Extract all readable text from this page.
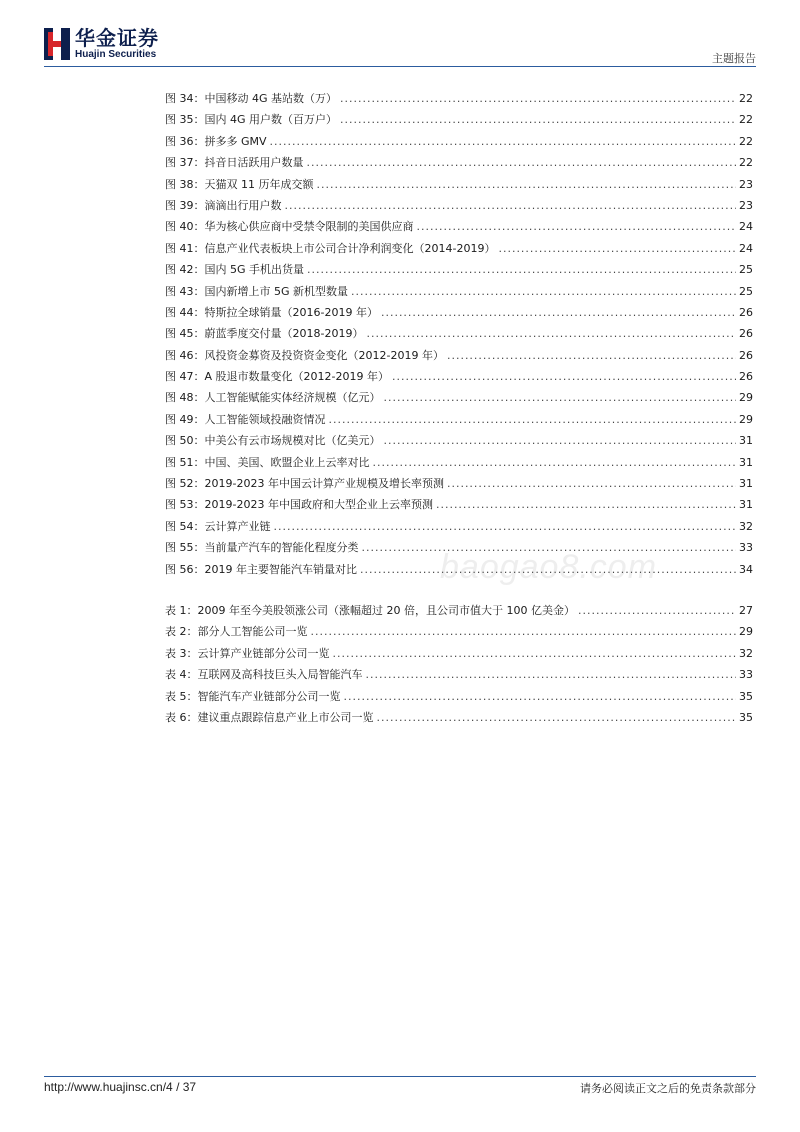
华金证券
Huajin Securities	主题报告
图 34：中国移动 4G 基站数（万） .....	22
图 35：国内 4G 用户数（百万户） .....	22
图 36：拼多多 GMV .....	22
图 37：抖音日活跃用户数量 .....	22
图 38：天猫双 11 历年成交额 .....	23
图 39：滴滴出行用户数 .....	23
图 40：华为核心供应商中受禁令限制的美国供应商 .....	24
图 41：信息产业代表板块上市公司合计净利润变化（2014-2019） .....	24
图 42：国内 5G 手机出货量 .....	25
图 43：国内新增上市 5G 新机型数量 .....	25
图 44：特斯拉全球销量（2016-2019 年） .....	26
图 45：蔚蓝季度交付量（2018-2019） .....	26
图 46：风投资金募资及投资资金变化（2012-2019 年） .....	26
图 47：A 股退市数量变化（2012-2019 年） .....	26
图 48：人工智能赋能实体经济规模（亿元） .....	29
图 49：人工智能领域投融资情况 .....	29
图 50：中美公有云市场规模对比（亿美元） .....	31
图 51：中国、美国、欧盟企业上云率对比 .....	31
图 52：2019-2023 年中国云计算产业规模及增长率预测 .....	31
图 53：2019-2023 年中国政府和大型企业上云率预测 .....	31
图 54：云计算产业链 .....	32
图 55：当前量产汽车的智能化程度分类 .....	33
图 56：2019 年主要智能汽车销量对比 .....	34
表 1：2009 年至今美股领涨公司（涨幅超过 20 倍，且公司市值大于 100 亿美金） .....	27
表 2：部分人工智能公司一览 .....	29
表 3：云计算产业链部分公司一览 .....	32
表 4：互联网及高科技巨头入局智能汽车 .....	33
表 5：智能汽车产业链部分公司一览 .....	35
表 6：建议重点跟踪信息产业上市公司一览 .....	35
baogao8.com
http://www.huajinsc.cn/4 / 37	请务必阅读正文之后的免责条款部分
